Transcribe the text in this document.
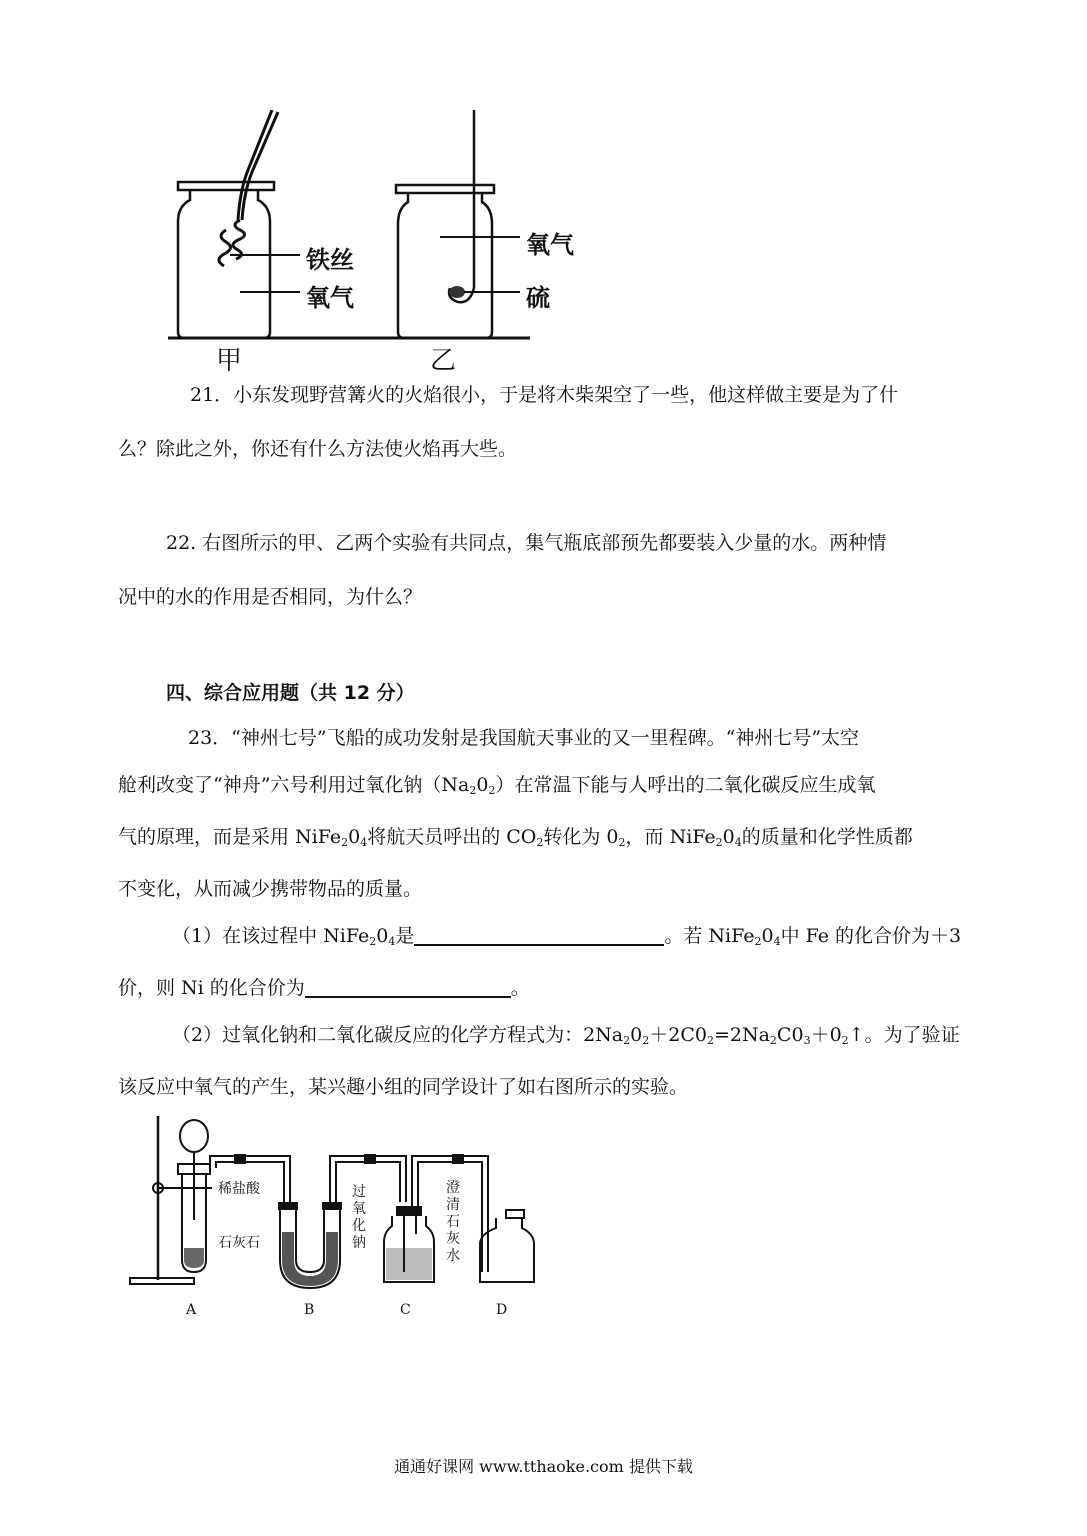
铁丝
氧气
氧气
硫
甲	乙
21．小东发现野营篝火的火焰很小，于是将木柴架空了一些，他这样做主要是为了什
么？除此之外，你还有什么方法使火焰再大些。
22. 右图所示的甲、乙两个实验有共同点，集气瓶底部预先都要装入少量的水。两种情
况中的水的作用是否相同，为什么？
四、综合应用题（共 12 分）
23．“神州七号”飞船的成功发射是我国航天事业的又一里程碑。“神州七号”太空
舱利改变了“神舟”六号利用过氧化钠$(Na_20_2)$在常温下能与人呼出的二氧化碳反应生成氧
气的原理，而是采用 $NiFe_20_4$将航天员呼出的 $CO_2$转化为 $0_2$，而 $NiFe_20_4$的质量和化学性质都
不变化，从而减少携带物品的质量。
（1）在该过程中 $NiFe_20_4$是	。若 $NiFe_20_4$中 Fe 的化合价为＋3
价，则 Ni 的化合价为	。
（2）过氧化钠和二氧化碳反应的化学方程式为：$2Na_20_2+2C0_2=2Na_2C0_3+0_2↑$。为了验证
该反应中氧气的产生，某兴趣小组的同学设计了如右图所示的实验。
稀盐酸
石灰石
过
氧
化
钠
澄
清
石
灰
水
A	B	C	D
通通好课网 www.tthaoke.com 提供下载
